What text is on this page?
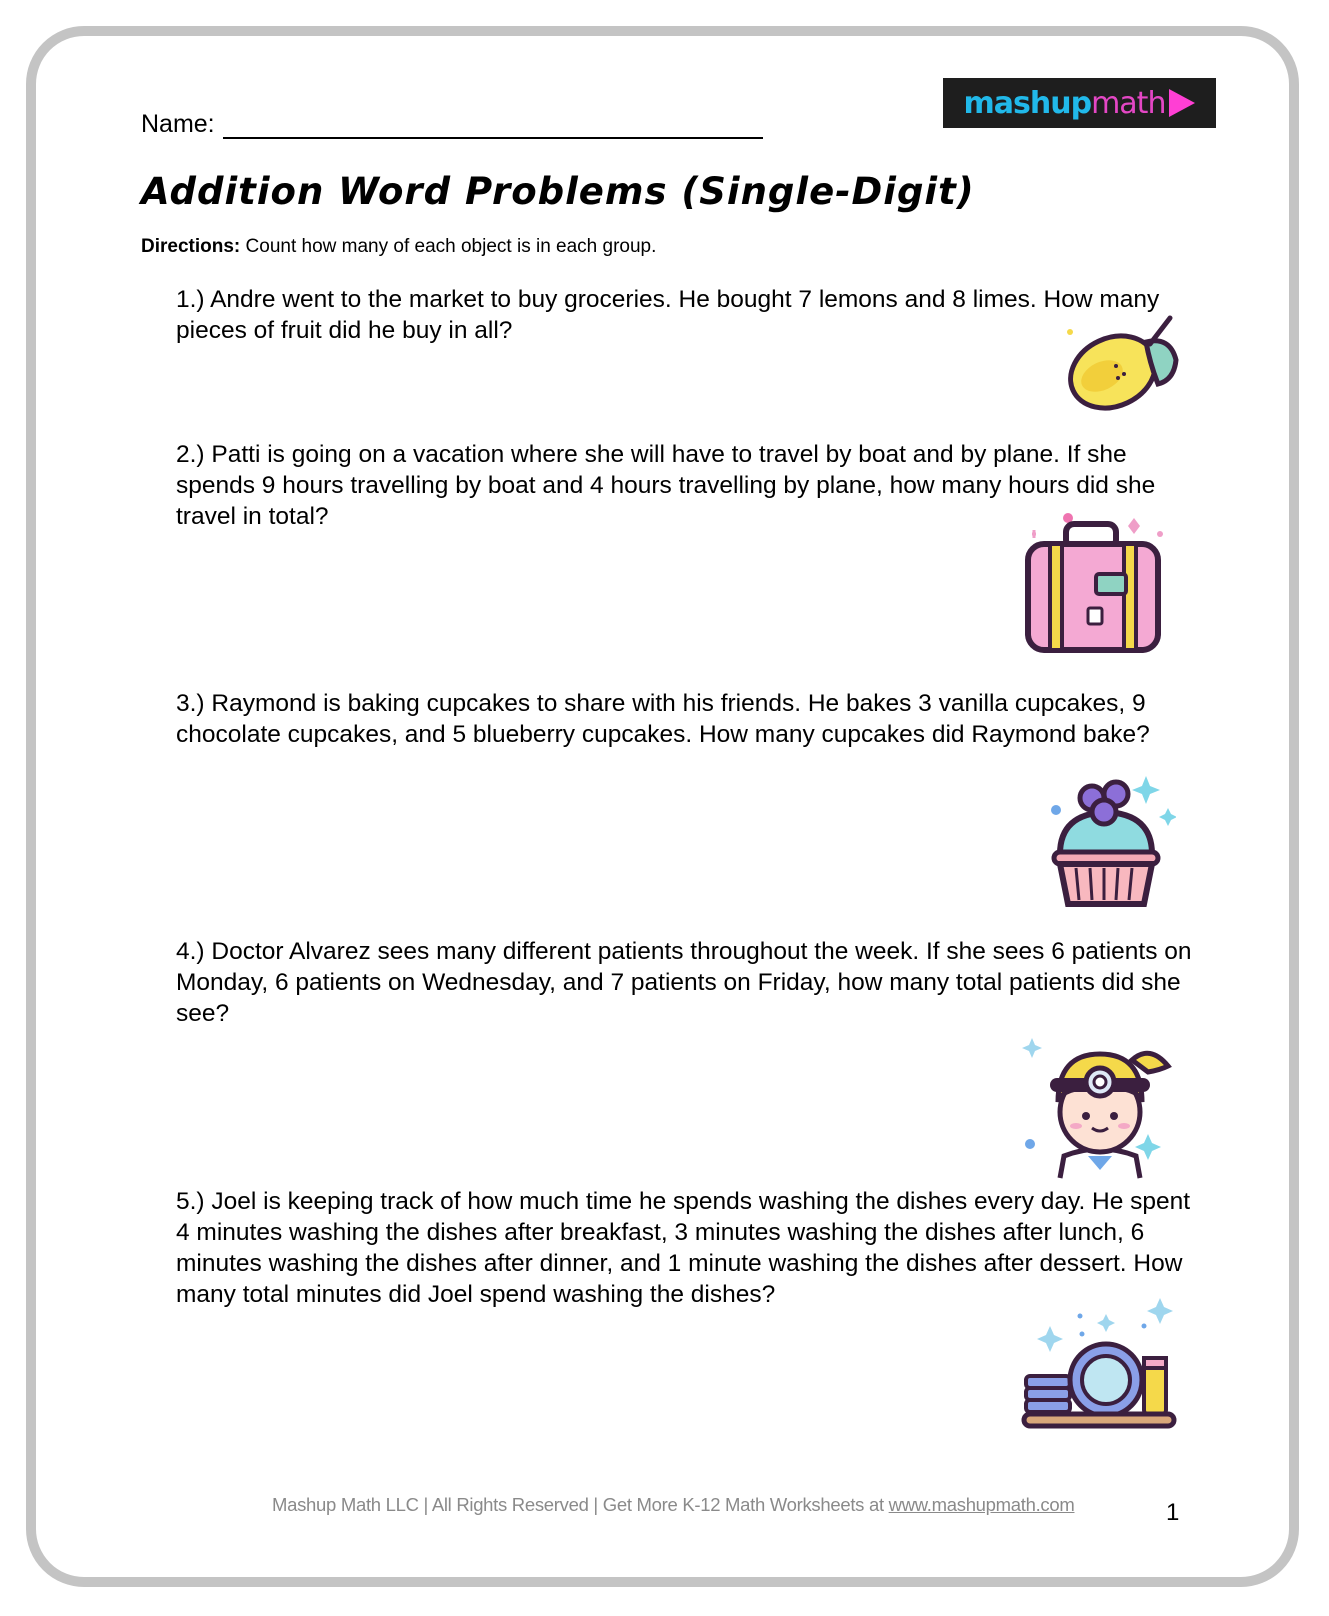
Name:
mashup math
Addition Word Problems (Single-Digit)
Directions: Count how many of each object is in each group.
1.) Andre went to the market to buy groceries. He bought 7 lemons and 8 limes. How many pieces of fruit did he buy in all?
2.) Patti is going on a vacation where she will have to travel by boat and by plane. If she spends 9 hours travelling by boat and 4 hours travelling by plane, how many hours did she travel in total?
3.) Raymond is baking cupcakes to share with his friends. He bakes 3 vanilla cupcakes, 9 chocolate cupcakes, and 5 blueberry cupcakes. How many cupcakes did Raymond bake?
4.) Doctor Alvarez sees many different patients throughout the week. If she sees 6 patients on Monday, 6 patients on Wednesday, and 7 patients on Friday, how many total patients did she see?
5.) Joel is keeping track of how much time he spends washing the dishes every day. He spent 4 minutes washing the dishes after breakfast, 3 minutes washing the dishes after lunch, 6 minutes washing the dishes after dinner, and 1 minute washing the dishes after dessert. How many total minutes did Joel spend washing the dishes?
Mashup Math LLC | All Rights Reserved | Get More K-12 Math Worksheets at www.mashupmath.com	1
